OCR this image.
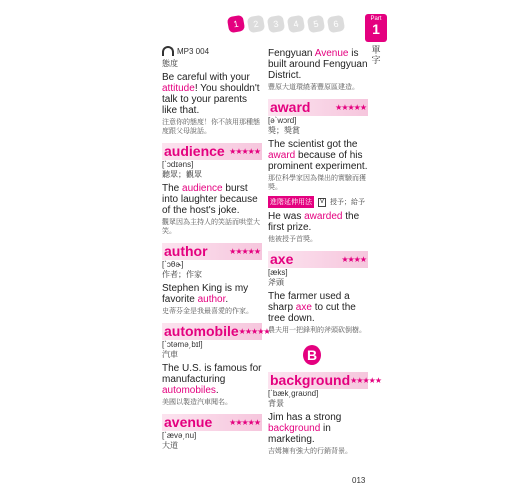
1	2	3	4	5	6	Part
1
單字
MP3 004
態度
Be careful with your attitude! You shouldn't talk to your parents like that.
注意你的態度！你不該用那種態度跟父母說話。
audience ★★★★★
[ˋɔdɪəns]
聽眾；觀眾
The audience burst into laughter because of the host's joke.
觀眾因為主持人的笑話而哄堂大笑。
author	★★★★★
[ˋɔθɚ]
作者；作家
Stephen King is my favorite author.
史蒂芬金是我最喜愛的作家。
automobile ★★★★★
[ˋɔtəmə͵bɪl]
汽車
The U.S. is famous for manufacturing automobiles.
美國以製造汽車聞名。
avenue ★★★★★
[ˋævə͵nu]
大道
Fengyuan Avenue is built around Fengyuan District.
豐原大道環繞著豐原區建造。
award	★★★★★
[əˋwɔrd]
獎；獎賞
The scientist got the award because of his prominent experiment.
那位科學家因為傑出的實驗而獲獎。
進階延伸用法	V 授予；給予
He was awarded the first prize.
他被授予首獎。
axe	★★★★
[æks]
斧頭
The farmer used a sharp axe to cut the tree down.
農夫用一把鋒利的斧頭砍倒樹。
B
background ★★★★★
[ˋbæk͵graʊnd]
背景
Jim has a strong background in marketing.
吉姆擁有強大的行銷背景。
013
